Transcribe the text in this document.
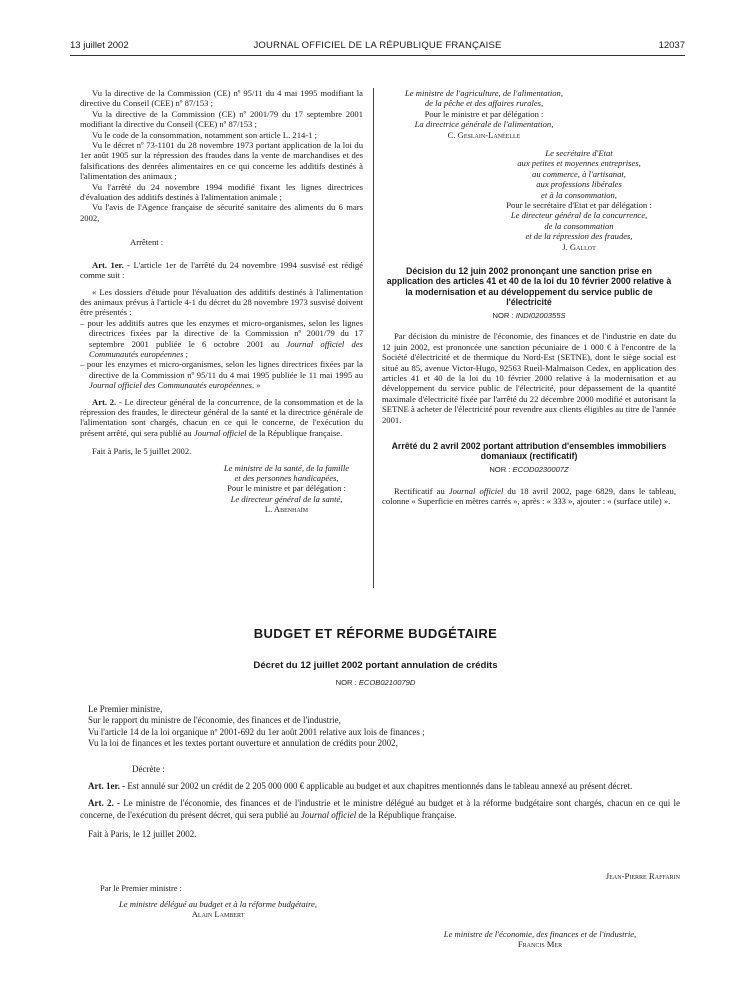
13 juillet 2002	JOURNAL OFFICIEL DE LA RÉPUBLIQUE FRANÇAISE	12037

Vu la directive de la Commission (CE) nº 95/11 du 4 mai 1995 modifiant la directive du Conseil (CEE) nº 87/153 ;

Vu la directive de la Commission (CE) nº 2001/79 du 17 septembre 2001 modifiant la directive du Conseil (CEE) nº 87/153 ;

Vu le code de la consommation, notamment son article L. 214-1 ;

Vu le décret nº 73-1101 du 28 novembre 1973 portant application de la loi du 1er août 1905 sur la répression des fraudes dans la vente de marchandises et des falsifications des denrées alimentaires en ce qui concerne les additifs destinés à l'alimentation des animaux ;

Vu l'arrêté du 24 novembre 1994 modifié fixant les lignes directrices d'évaluation des additifs destinés à l'alimentation animale ;

Vu l'avis de l'Agence française de sécurité sanitaire des aliments du 6 mars 2002,

Arrêtent :

Art. 1er. - L'article 1er de l'arrêté du 24 novembre 1994 susvisé est rédigé comme suit :

« Les dossiers d'étude pour l'évaluation des additifs destinés à l'alimentation des animaux prévus à l'article 4-1 du décret du 28 novembre 1973 susvisé doivent être présentés :

– pour les additifs autres que les enzymes et micro-organismes, selon les lignes directrices fixées par la directive de la Commission nº 2001/79 du 17 septembre 2001 publiée le 6 octobre 2001 au Journal officiel des Communautés européennes ;

– pour les enzymes et micro-organismes, selon les lignes directrices fixées par la directive de la Commission nº 95/11 du 4 mai 1995 publiée le 11 mai 1995 au Journal officiel des Communautés européennes. »

Art. 2. - Le directeur général de la concurrence, de la consommation et de la répression des fraudes, le directeur général de la santé et la directrice générale de l'alimentation sont chargés, chacun en ce qui le concerne, de l'exécution du présent arrêté, qui sera publié au Journal officiel de la République française.

Fait à Paris, le 5 juillet 2002.

Le ministre de la santé, de la famille

et des personnes handicapées,

Pour le ministre et par délégation :

Le directeur général de la santé,

L. Abenhaïm

Le ministre de l'agriculture, de l'alimentation,

de la pêche et des affaires rurales,

Pour le ministre et par délégation :

La directrice générale de l'alimentation,

C. Geslain-Lanéelle

Le secrétaire d'Etat

aux petites et moyennes entreprises,

au commerce, à l'artisanat,

aux professions libérales

et à la consommation,

Pour le secrétaire d'Etat et par délégation :

Le directeur général de la concurrence,

de la consommation

et de la répression des fraudes,

J. Gallot

Décision du 12 juin 2002 prononçant une sanction prise en application des articles 41 et 40 de la loi du 10 février 2000 relative à la modernisation et au développement du service public de l'électricité

NOR : INDI0200355S

Par décision du ministre de l'économie, des finances et de l'industrie en date du 12 juin 2002, est prononcée une sanction pécuniaire de 1 000 € à l'encontre de la Société d'électricité et de thermique du Nord-Est (SETNE), dont le siège social est situé au 85, avenue Victor-Hugo, 92563 Rueil-Malmaison Cedex, en application des articles 41 et 40 de la loi du 10 février 2000 relative à la modernisation et au développement du service public de l'électricité, pour dépassement de la quantité maximale d'électricité fixée par l'arrêté du 22 décembre 2000 modifié et autorisant la SETNE à acheter de l'électricité pour revendre aux clients éligibles au titre de l'année 2001.

Arrêté du 2 avril 2002 portant attribution d'ensembles immobiliers domaniaux (rectificatif)

NOR : ECOD0230007Z

Rectificatif au Journal officiel du 18 avril 2002, page 6829, dans le tableau, colonne « Superficie en mètres carrés », après : « 333 », ajouter : « (surface utile) ».

BUDGET ET RÉFORME BUDGÉTAIRE
Décret du 12 juillet 2002 portant annulation de crédits
NOR : ECOB0210079D

Le Premier ministre,

Sur le rapport du ministre de l'économie, des finances et de l'industrie,

Vu l'article 14 de la loi organique nº 2001-692 du 1er août 2001 relative aux lois de finances ;

Vu la loi de finances et les textes portant ouverture et annulation de crédits pour 2002,

Décrète :

Art. 1er. - Est annulé sur 2002 un crédit de 2 205 000 000 € applicable au budget et aux chapitres mentionnés dans le tableau annexé au présent décret.

Art. 2. - Le ministre de l'économie, des finances et de l'industrie et le ministre délégué au budget et à la réforme budgétaire sont chargés, chacun en ce qui le concerne, de l'exécution du présent décret, qui sera publié au Journal officiel de la République française.

Fait à Paris, le 12 juillet 2002.

Jean-Pierre Raffarin
Par le Premier ministre :

Le ministre délégué au budget et à la réforme budgétaire,

Alain Lambert

Le ministre de l'économie, des finances et de l'industrie,

Francis Mer
